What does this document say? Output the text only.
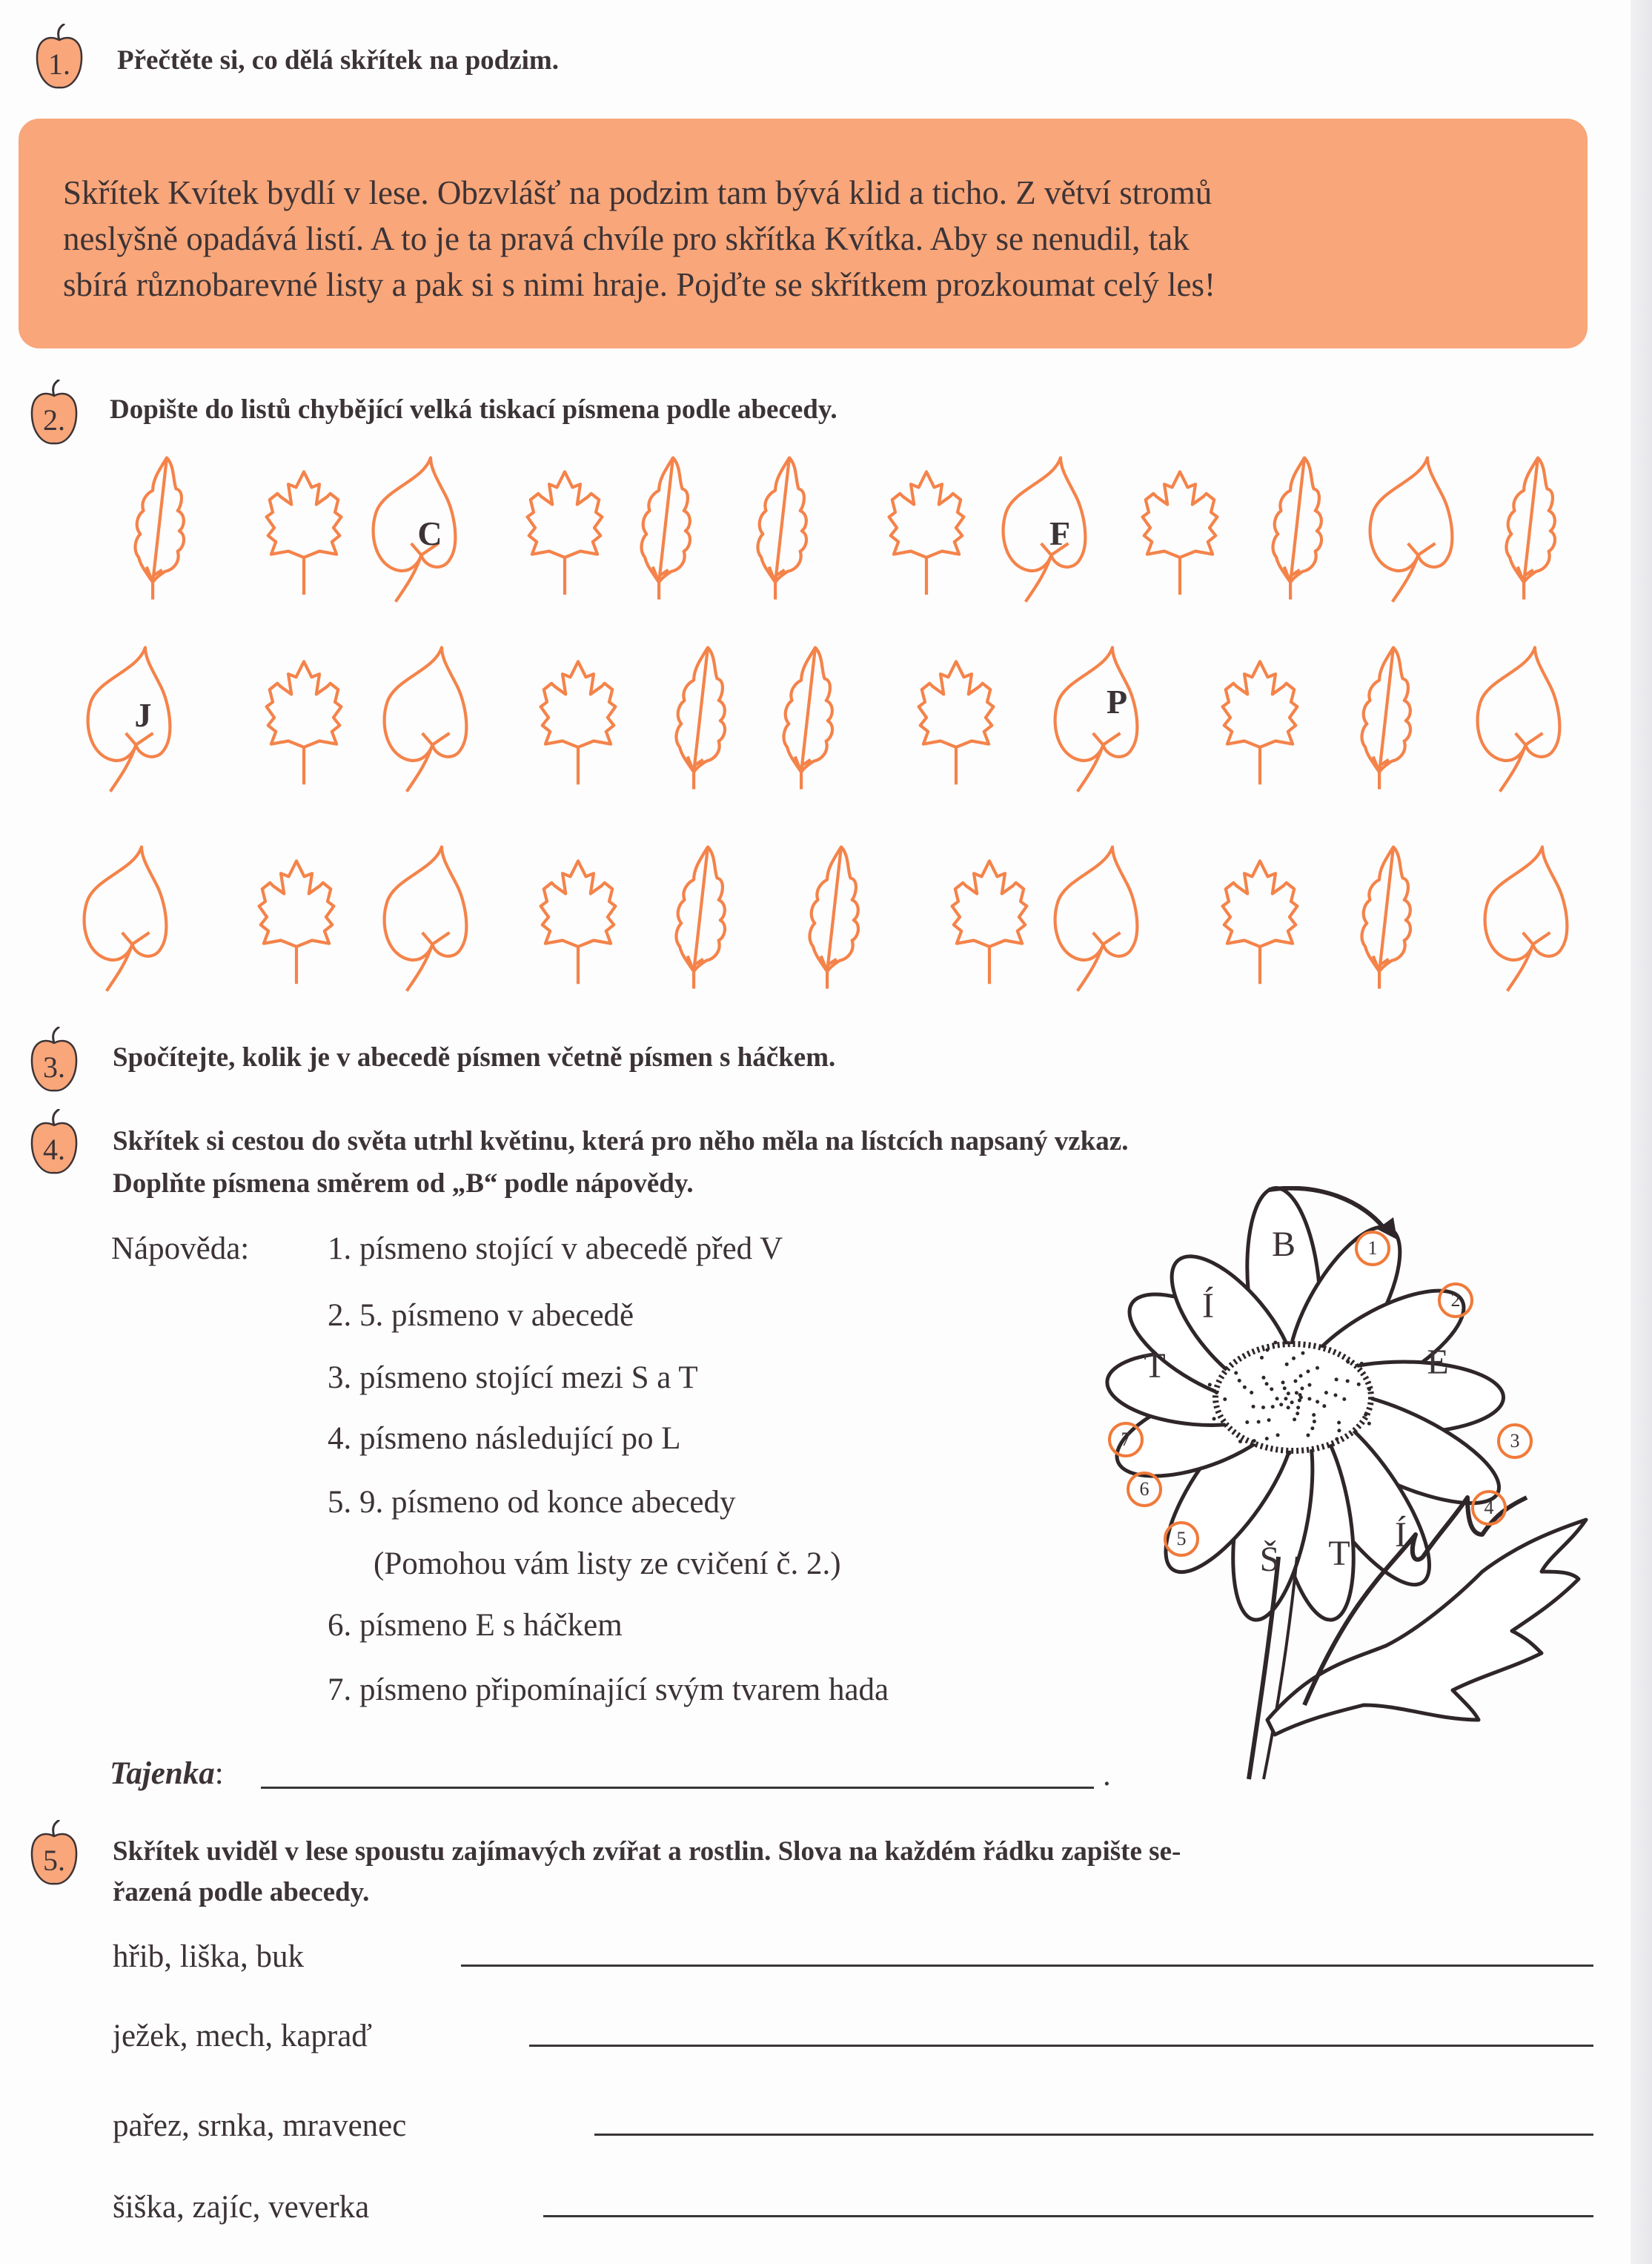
1.	Přečtěte si, co dělá skřítek na podzim.
Skřítek Kvítek bydlí v lese. Obzvlášť na podzim tam bývá klid a ticho. Z větví stromů
neslyšně opadává listí. A to je ta pravá chvíle pro skřítka Kvítka. Aby se nenudil, tak
sbírá různobarevné listy a pak si s nimi hraje. Pojďte se skřítkem prozkoumat celý les!
2.	Dopište do listů chybějící velká tiskací písmena podle abecedy.
C	F
J	P
3.	Spočítejte, kolik je v abecedě písmen včetně písmen s háčkem.
4.	Skřítek si cestou do světa utrhl květinu, která pro něho měla na lístcích napsaný vzkaz.
Doplňte písmena směrem od „B“ podle nápovědy.
Nápověda: 1. písmeno stojící v abecedě před V
2. 5. písmeno v abecedě
3. písmeno stojící mezi S a T
4. písmeno následující po L
5. 9. písmeno od konce abecedy
(Pomohou vám listy ze cvičení č. 2.)
6. písmeno E s háčkem
7. písmeno připomínající svým tvarem hada
Tajenka:	.
B
E
Í
T
Š
T
Í
1
2
3
4
5
6
7
5.	Skřítek uviděl v lese spoustu zajímavých zvířat a rostlin. Slova na každém řádku zapište se-
řazená podle abecedy.
hřib, liška, buk
ježek, mech, kapraď
pařez, srnka, mravenec
šiška, zajíc, veverka
